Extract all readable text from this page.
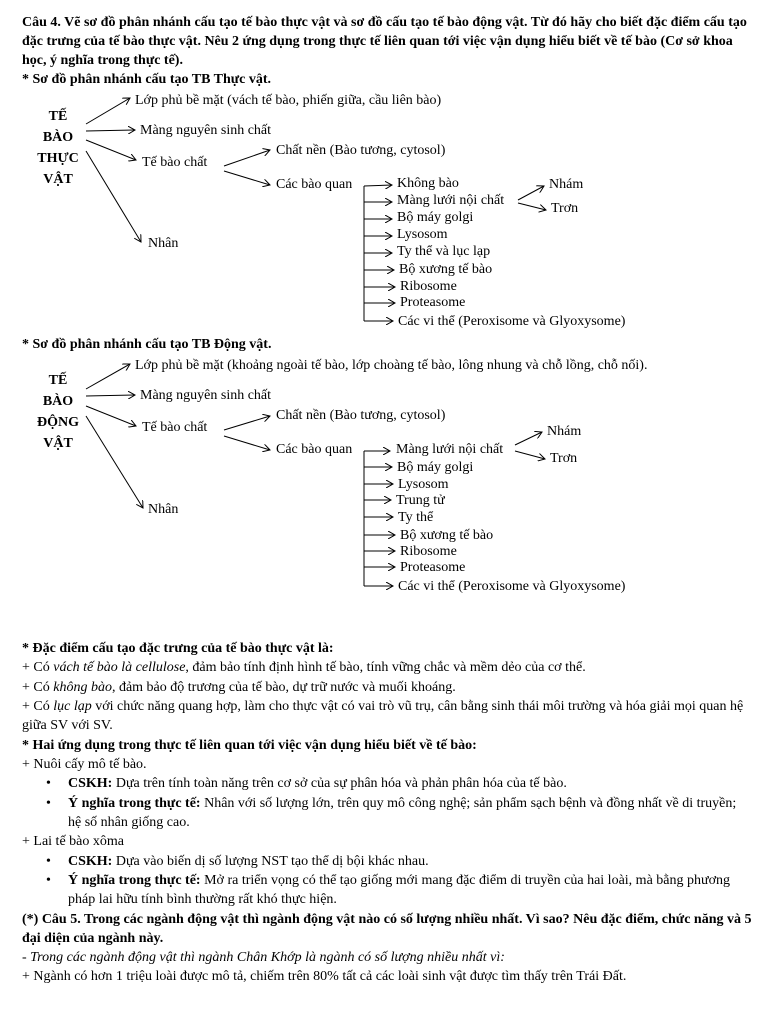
Câu 4. Vẽ sơ đồ phân nhánh cấu tạo tế bào thực vật và sơ đồ cấu tạo tế bào động vật. Từ đó hãy cho biết đặc điểm cấu tạo đặc trưng của tế bào thực vật. Nêu 2 ứng dụng trong thực tế liên quan tới việc vận dụng hiểu biết về tế bào (Cơ sở khoa học, ý nghĩa trong thực tế).
* Sơ đồ phân nhánh cấu tạo TB Thực vật.
TẾ
BÀO
THỰC
VẬT
Lớp phủ bề mặt (vách tế bào, phiến giữa, cầu liên bào)
Màng nguyên sinh chất
Tế bào chất
Chất nền (Bào tương, cytosol)
Các bào quan
Nhân
Không bào
Màng lưới nội chất
Bộ máy golgi
Lysosom
Ty thể và lục lạp
Bộ xương tế bào
Ribosome
Proteasome
Các vi thể (Peroxisome và Glyoxysome)
Nhám
Trơn
* Sơ đồ phân nhánh cấu tạo TB Động vật.
TẾ
BÀO
ĐỘNG
VẬT
Lớp phủ bề mặt (khoảng ngoài tế bào, lớp choàng tế bào, lông nhung và chỗ lồng, chỗ nối).
Màng nguyên sinh chất
Tế bào chất
Chất nền (Bào tương, cytosol)
Các bào quan
Nhân
Màng lưới nội chất
Bộ máy golgi
Lysosom
Trung tử
Ty thể
Bộ xương tế bào
Ribosome
Proteasome
Các vi thể (Peroxisome và Glyoxysome)
Nhám
Trơn
* Đặc điểm cấu tạo đặc trưng của tế bào thực vật là:
+ Có vách tế bào là cellulose, đảm bảo tính định hình tế bào, tính vững chắc và mềm dẻo của cơ thể.
+ Có không bào, đảm bảo độ trương của tế bào, dự trữ nước và muối khoáng.
+ Có lục lạp với chức năng quang hợp, làm cho thực vật có vai trò vũ trụ, cân bằng sinh thái môi trường và hóa giải mọi quan hệ giữa SV với SV.
* Hai ứng dụng trong thực tế liên quan tới việc vận dụng hiểu biết về tế bào:
+ Nuôi cấy mô tế bào.
• CSKH: Dựa trên tính toàn năng trên cơ sở của sự phân hóa và phản phân hóa của tế bào.
• Ý nghĩa trong thực tế: Nhân với số lượng lớn, trên quy mô công nghệ; sản phẩm sạch bệnh và đồng nhất về di truyền; hệ số nhân giống cao.
+ Lai tế bào xôma
• CSKH: Dựa vào biến dị số lượng NST tạo thể dị bội khác nhau.
• Ý nghĩa trong thực tế: Mở ra triển vọng có thể tạo giống mới mang đặc điểm di truyền của hai loài, mà bằng phương pháp lai hữu tính bình thường rất khó thực hiện.
(*) Câu 5. Trong các ngành động vật thì ngành động vật nào có số lượng nhiều nhất. Vì sao? Nêu đặc điểm, chức năng và 5 đại diện của ngành này.
- Trong các ngành động vật thì ngành Chân Khớp là ngành có số lượng nhiều nhất vì:
+ Ngành có hơn 1 triệu loài được mô tả, chiếm trên 80% tất cả các loài sinh vật được tìm thấy trên Trái Đất.
